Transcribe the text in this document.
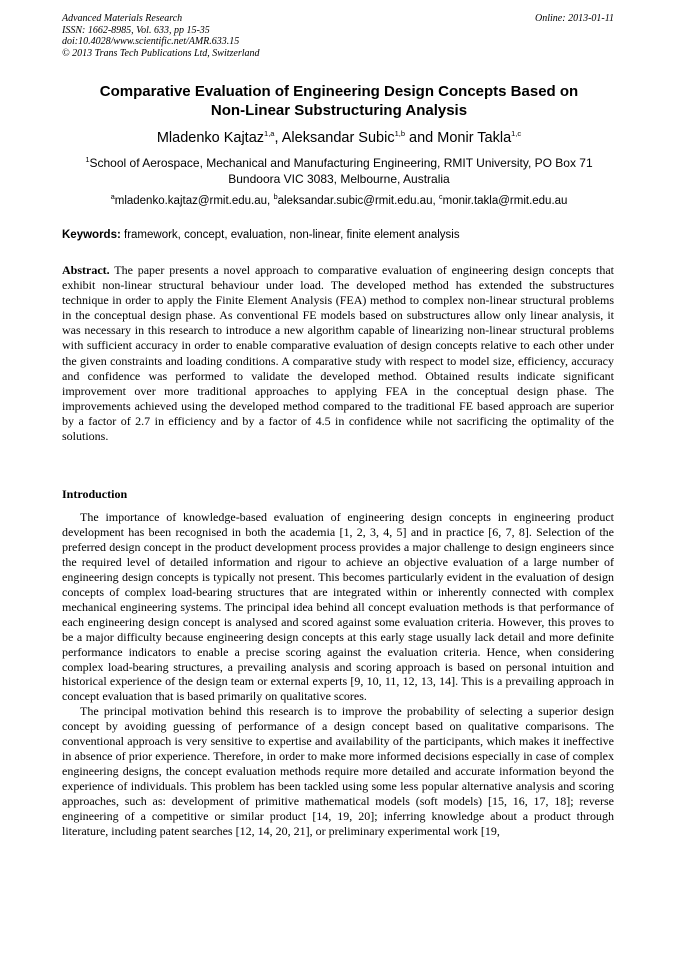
Advanced Materials Research
ISSN: 1662-8985, Vol. 633, pp 15-35
doi:10.4028/www.scientific.net/AMR.633.15
© 2013 Trans Tech Publications Ltd, Switzerland
Online: 2013-01-11
Comparative Evaluation of Engineering Design Concepts Based on
Non-Linear Substructuring Analysis
Mladenko Kajtaz$^{1,a}$, Aleksandar Subic$^{1,b}$ and Monir Takla$^{1,c}$
$^1$School of Aerospace, Mechanical and Manufacturing Engineering, RMIT University, PO Box 71
Bundoora VIC 3083, Melbourne, Australia
$^a$mladenko.kajtaz@rmit.edu.au, $^b$aleksandar.subic@rmit.edu.au, $^c$monir.takla@rmit.edu.au
Keywords: framework, concept, evaluation, non-linear, finite element analysis
Abstract. The paper presents a novel approach to comparative evaluation of engineering design concepts that exhibit non-linear structural behaviour under load. The developed method has extended the substructures technique in order to apply the Finite Element Analysis (FEA) method to complex non-linear structural problems in the conceptual design phase. As conventional FE models based on substructures allow only linear analysis, it was necessary in this research to introduce a new algorithm capable of linearizing non-linear structural problems with sufficient accuracy in order to enable comparative evaluation of design concepts relative to each other under the given constraints and loading conditions. A comparative study with respect to model size, efficiency, accuracy and confidence was performed to validate the developed method. Obtained results indicate significant improvement over more traditional approaches to applying FEA in the conceptual design phase. The improvements achieved using the developed method compared to the traditional FE based approach are superior by a factor of 2.7 in efficiency and by a factor of 4.5 in confidence while not sacrificing the optimality of the solutions.
Introduction

The importance of knowledge-based evaluation of engineering design concepts in engineering product development has been recognised in both the academia [1, 2, 3, 4, 5] and in practice [6, 7, 8]. Selection of the preferred design concept in the product development process provides a major challenge to design engineers since the required level of detailed information and rigour to achieve an objective evaluation of a large number of engineering design concepts is typically not present. This becomes particularly evident in the evaluation of design concepts of complex load-bearing structures that are integrated within or inherently connected with complex mechanical engineering systems. The principal idea behind all concept evaluation methods is that performance of each engineering design concept is analysed and scored against some evaluation criteria. However, this proves to be a major difficulty because engineering design concepts at this early stage usually lack detail and more definite performance indicators to enable a precise scoring against the evaluation criteria. Hence, when considering complex load-bearing structures, a prevailing analysis and scoring approach is based on personal intuition and historical experience of the design team or external experts [9, 10, 11, 12, 13, 14]. This is a prevailing approach in concept evaluation that is based primarily on qualitative scores.

The principal motivation behind this research is to improve the probability of selecting a superior design concept by avoiding guessing of performance of a design concept based on qualitative comparisons. The conventional approach is very sensitive to expertise and availability of the participants, which makes it ineffective in absence of prior experience. Therefore, in order to make more informed decisions especially in case of complex engineering designs, the concept evaluation methods require more detailed and accurate information beyond the experience of individuals. This problem has been tackled using some less popular alternative analysis and scoring approaches, such as: development of primitive mathematical models (soft models) [15, 16, 17, 18]; reverse engineering of a competitive or similar product [14, 19, 20]; inferring knowledge about a product through literature, including patent searches [12, 14, 20, 21], or preliminary experimental work [19,
